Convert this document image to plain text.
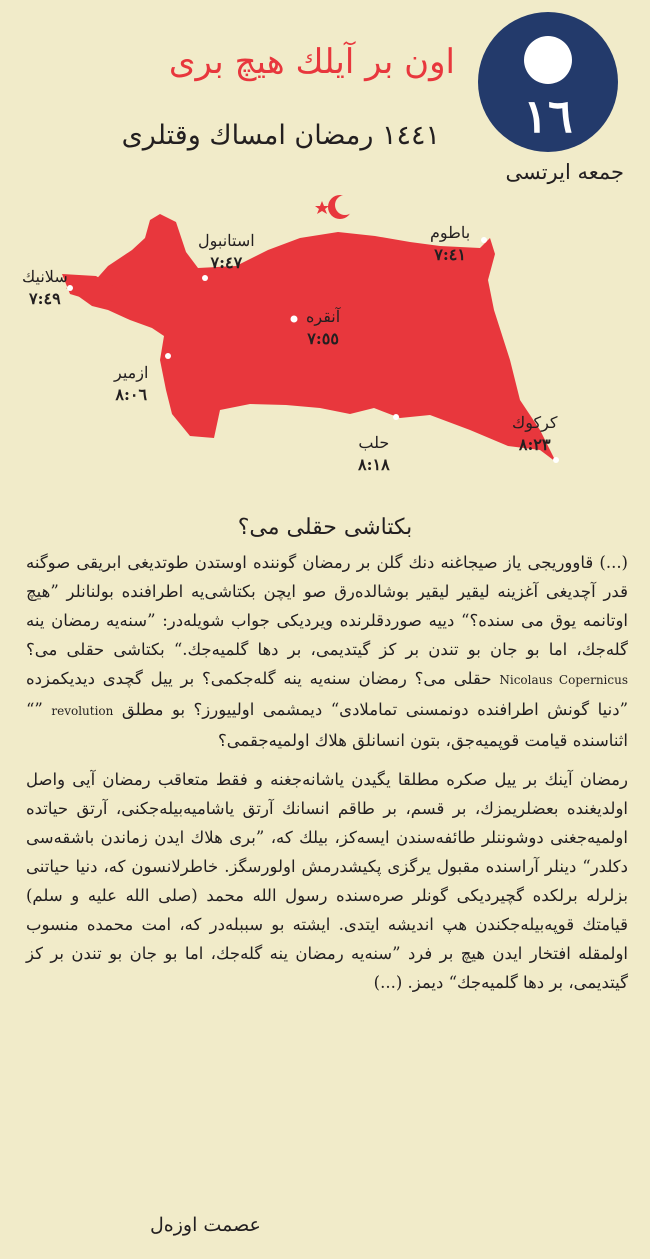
اون بر آيلك هيچ برى
١٤٤١ رمضان امساك وقتلرى	١٦
جمعه ايرتسى
استانبول
٧:٤٧
باطوم
٧:٤١
سلانيك
٧:٤٩
آنقره
٧:٥٥
ازمير
٨:٠٦
حلب
٨:١٨
كركوك
٨:٢٣
بكتاشى حقلى مى؟

(...) قاووريجى ياز صيجاغنه دنك گلن بر رمضان گوننده اوستدن طوتديغى ابريقى صوگنه قدر آچديغى آغزينه ليقير ليقير بوشالده‌رق صو ايچن بكتاشى‌يه اطرافنده بولنانلر ”هيچ اوتانمه يوق مى سنده؟“ دييه صوردقلرنده ويرديكى جواب شويله‌در: ”سنه‌يه رمضان ينه گله‌جك، اما بو جان بو تندن بر كز گيتديمى، بر دها گلميه‌جك.“ بكتاشى حقلى مى؟ Nicolaus Copernicus حقلى مى؟ رمضان سنه‌يه ينه گله‌جكمى؟ بر ييل گچدى ديديكمزده ”دنيا گونش اطرافنده دونمسنى تماملادى“ ديمشمى اولييورز؟ بو مطلق revolution ”“ اثناسنده قيامت قوپميه‌جق، بتون انسانلق هلاك اولميه‌جقمى؟

رمضان آينك بر ييل صكره مطلقا يگيدن ياشانه‌جغنه و فقط متعاقب رمضان آيى واصل اولديغنده بعضلريمزك، بر قسم، بر طاقم انسانك آرتق ياشاميه‌بيله‌جكنى، آرتق حياتده اولميه‌جغنى دوشوننلر طائفه‌سندن ايسه‌كز، بيلك كه، ”برى هلاك ايدن زماندن باشقه‌سى دكلدر“ دينلر آراسنده مقبول يرگزى پكيشدرمش اولورسگز. خاطرلانسون كه، دنيا حياتنى بزلرله برلكده گچيرديكى گونلر صره‌سنده رسول الله محمد (صلى الله عليه و سلم) قيامتك قوپه‌بيله‌جكندن هپ انديشه ايتدى. ايشته بو سببله‌در كه، امت محمده منسوب اولمقله افتخار ايدن هيچ بر فرد ”سنه‌يه رمضان ينه گله‌جك، اما بو جان بو تندن بر كز گيتديمى، بر دها گلميه‌جك“ ديمز. (...)

عصمت اوزه‌ل
